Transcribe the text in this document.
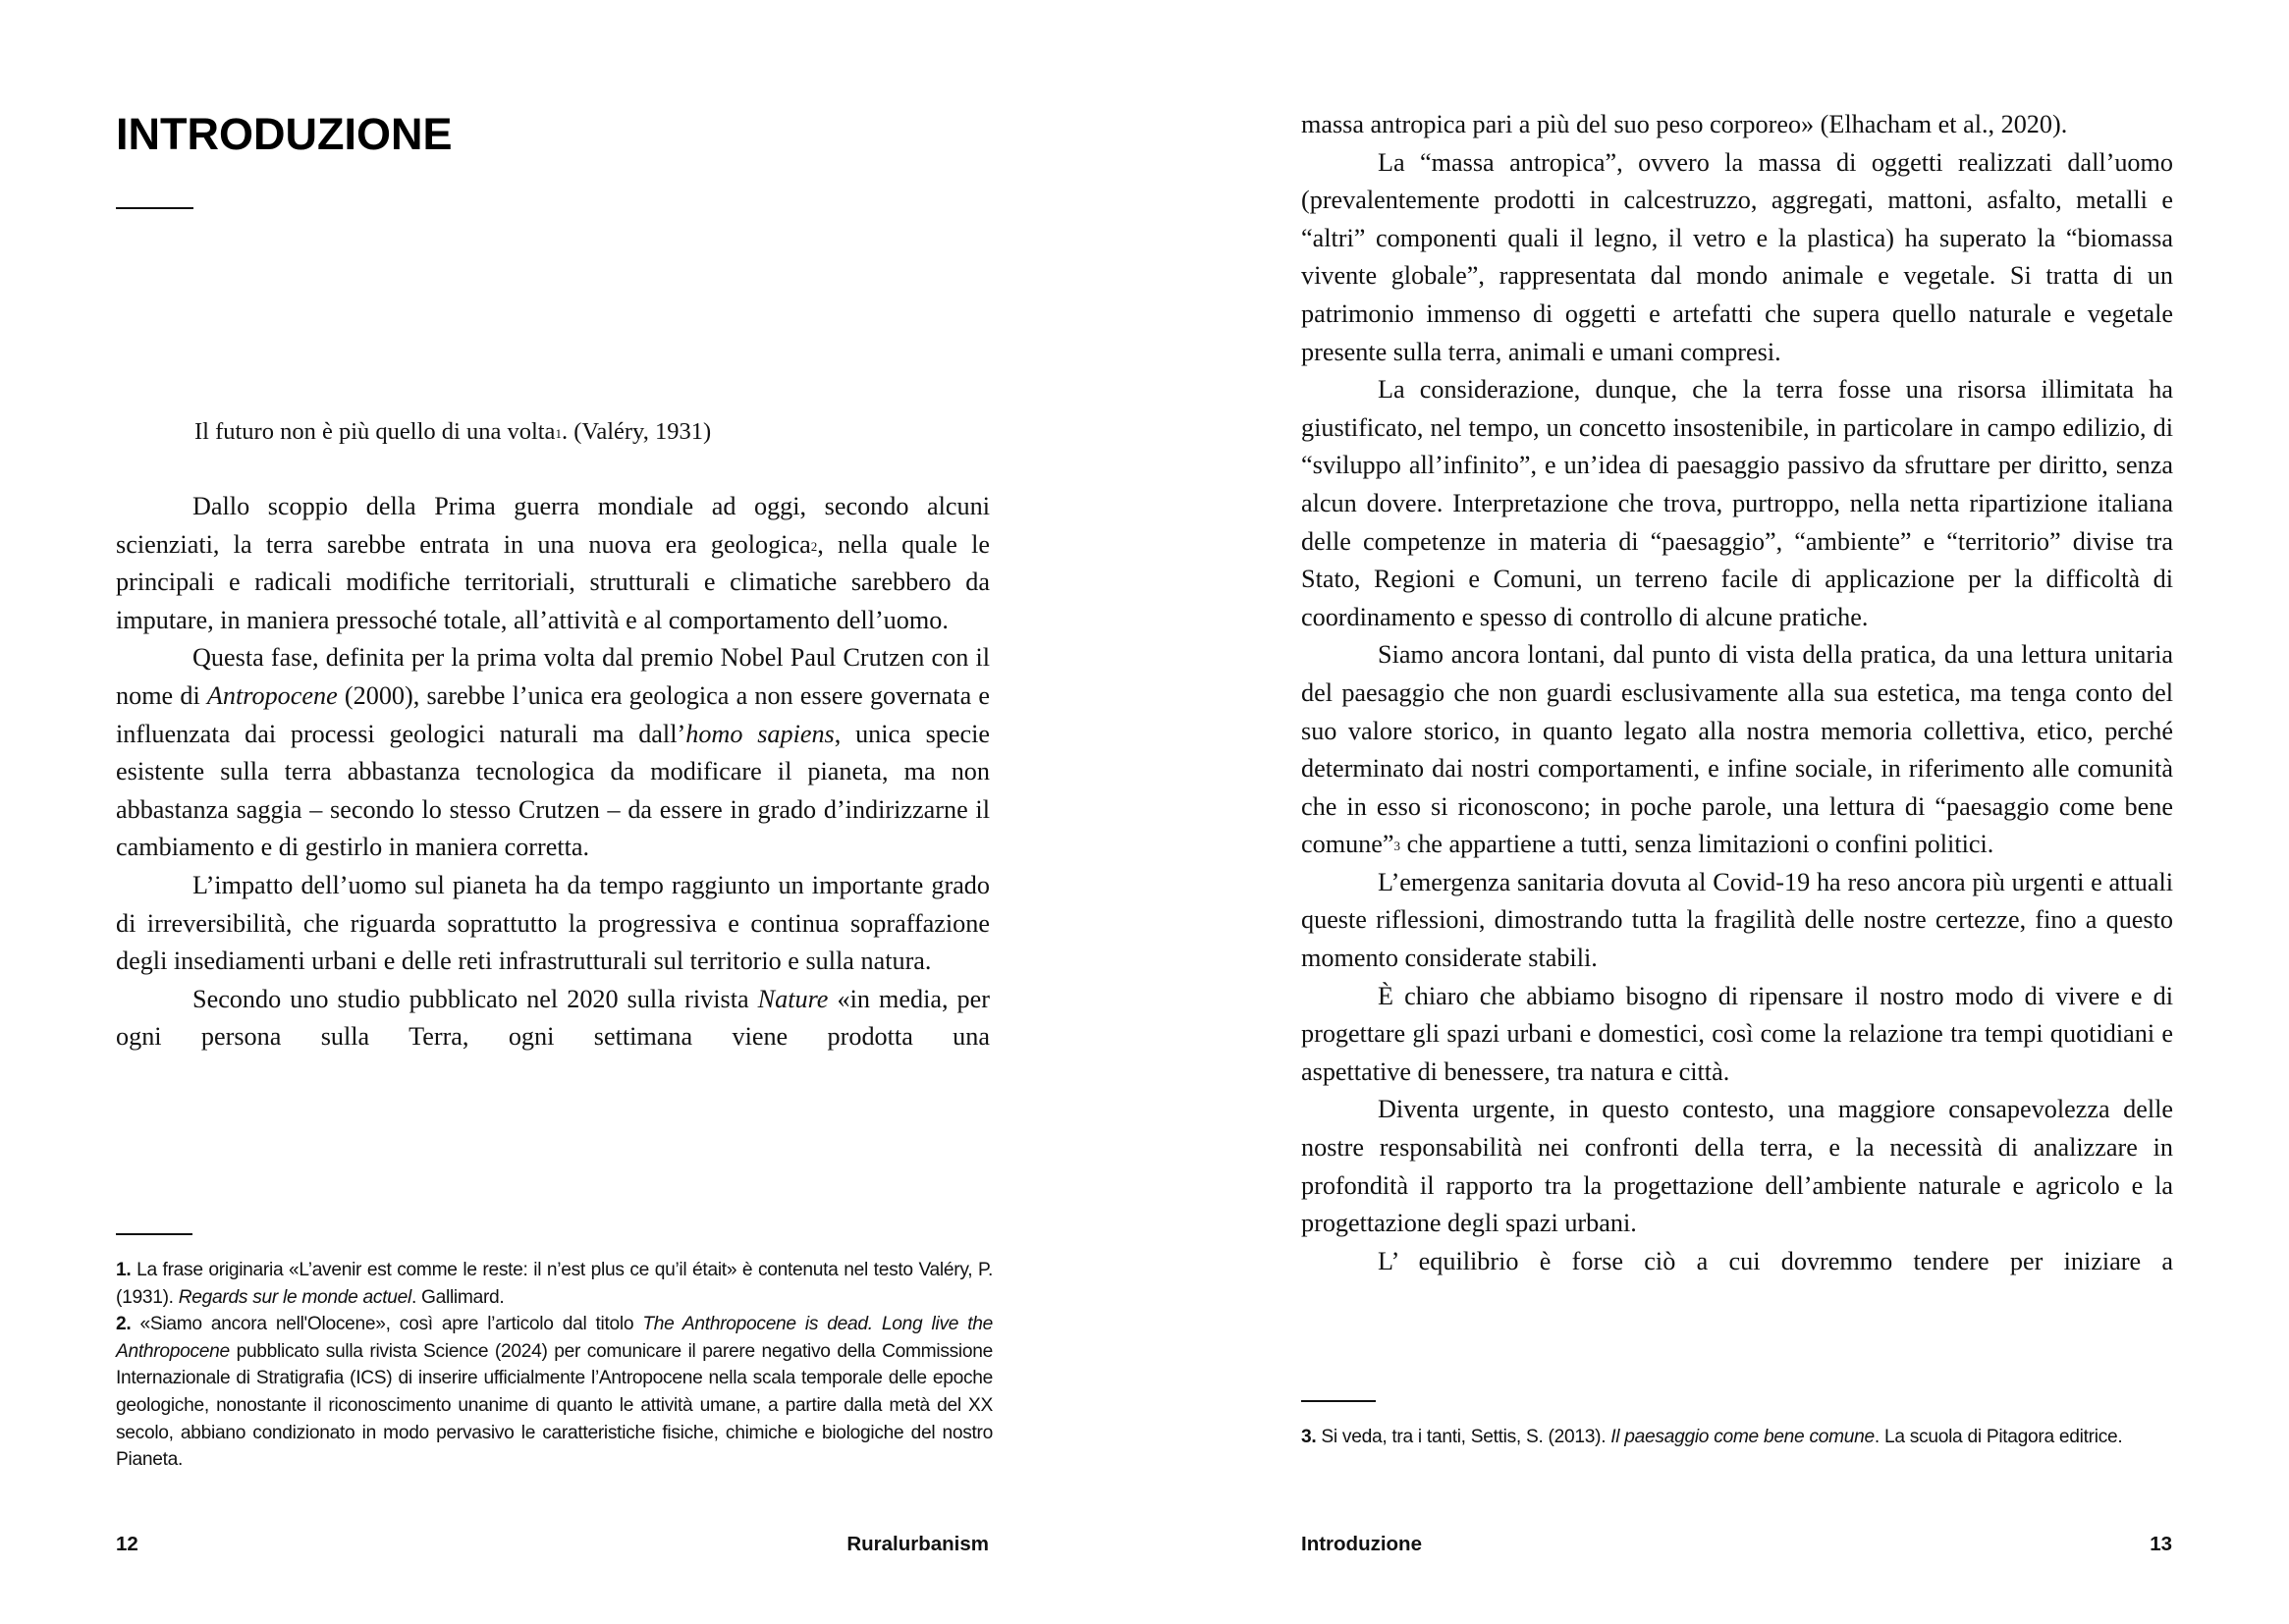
INTRODUZIONE

Il futuro non è più quello di una volta$^1$. (Valéry, 1931)

Dallo scoppio della Prima guerra mondiale ad oggi, secondo alcuni scienziati, la terra sarebbe entrata in una nuova era geologica$^2$, nella quale le principali e radicali modifiche territoriali, strutturali e climatiche sarebbero da imputare, in maniera pressoché totale, all’attività e al comportamento dell’uomo.

Questa fase, definita per la prima volta dal premio Nobel Paul Crutzen con il nome di Antropocene (2000), sarebbe l’unica era geologica a non essere governata e influenzata dai processi geologici naturali ma dall’homo sapiens, unica specie esistente sulla terra abbastanza tecnologica da modificare il pianeta, ma non abbastanza saggia – secondo lo stesso Crutzen – da essere in grado d’indirizzarne il cambiamento e di gestirlo in maniera corretta.

L’impatto dell’uomo sul pianeta ha da tempo raggiunto un importante grado di irreversibilità, che riguarda soprattutto la progressiva e continua sopraffazione degli insediamenti urbani e delle reti infrastrutturali sul territorio e sulla natura.

Secondo uno studio pubblicato nel 2020 sulla rivista Nature «in media, per ogni persona sulla Terra, ogni settimana viene prodotta una

1. La frase originaria «L’avenir est comme le reste: il n’est plus ce qu’il était» è contenuta nel testo Valéry, P. (1931). Regards sur le monde actuel. Gallimard.

2. «Siamo ancora nell'Olocene», così apre l’articolo dal titolo The Anthropocene is dead. Long live the Anthropocene pubblicato sulla rivista Science (2024) per comunicare il parere negativo della Commissione Internazionale di Stratigrafia (ICS) di inserire ufficialmente l’Antropocene nella scala temporale delle epoche geologiche, nonostante il riconoscimento unanime di quanto le attività umane, a partire dalla metà del XX secolo, abbiano condizionato in modo pervasivo le caratteristiche fisiche, chimiche e biologiche del nostro Pianeta.

12	Ruralurbanism

massa antropica pari a più del suo peso corporeo» (Elhacham et al., 2020).

La “massa antropica”, ovvero la massa di oggetti realizzati dall’uomo (prevalentemente prodotti in calcestruzzo, aggregati, mattoni, asfalto, metalli e “altri” componenti quali il legno, il vetro e la plastica) ha superato la “biomassa vivente globale”, rappresentata dal mondo animale e vegetale. Si tratta di un patrimonio immenso di oggetti e artefatti che supera quello naturale e vegetale presente sulla terra, animali e umani compresi.

La considerazione, dunque, che la terra fosse una risorsa illimitata ha giustificato, nel tempo, un concetto insostenibile, in particolare in campo edilizio, di “sviluppo all’infinito”, e un’idea di paesaggio passivo da sfruttare per diritto, senza alcun dovere. Interpretazione che trova, purtroppo, nella netta ripartizione italiana delle competenze in materia di “paesaggio”, “ambiente” e “territorio” divise tra Stato, Regioni e Comuni, un terreno facile di applicazione per la difficoltà di coordinamento e spesso di controllo di alcune pratiche.

Siamo ancora lontani, dal punto di vista della pratica, da una lettura unitaria del paesaggio che non guardi esclusivamente alla sua estetica, ma tenga conto del suo valore storico, in quanto legato alla nostra memoria collettiva, etico, perché determinato dai nostri comportamenti, e infine sociale, in riferimento alle comunità che in esso si riconoscono; in poche parole, una lettura di “paesaggio come bene comune”$^3$ che appartiene a tutti, senza limitazioni o confini politici.

L’emergenza sanitaria dovuta al Covid-19 ha reso ancora più urgenti e attuali queste riflessioni, dimostrando tutta la fragilità delle nostre certezze, fino a questo momento considerate stabili.

È chiaro che abbiamo bisogno di ripensare il nostro modo di vivere e di progettare gli spazi urbani e domestici, così come la relazione tra tempi quotidiani e aspettative di benessere, tra natura e città.

Diventa urgente, in questo contesto, una maggiore consapevolezza delle nostre responsabilità nei confronti della terra, e la necessità di analizzare in profondità il rapporto tra la progettazione dell’ambiente naturale e agricolo e la progettazione degli spazi urbani.

L’ equilibrio è forse ciò a cui dovremmo tendere per iniziare a

3. Si veda, tra i tanti, Settis, S. (2013). Il paesaggio come bene comune. La scuola di Pitagora editrice.

Introduzione	13
